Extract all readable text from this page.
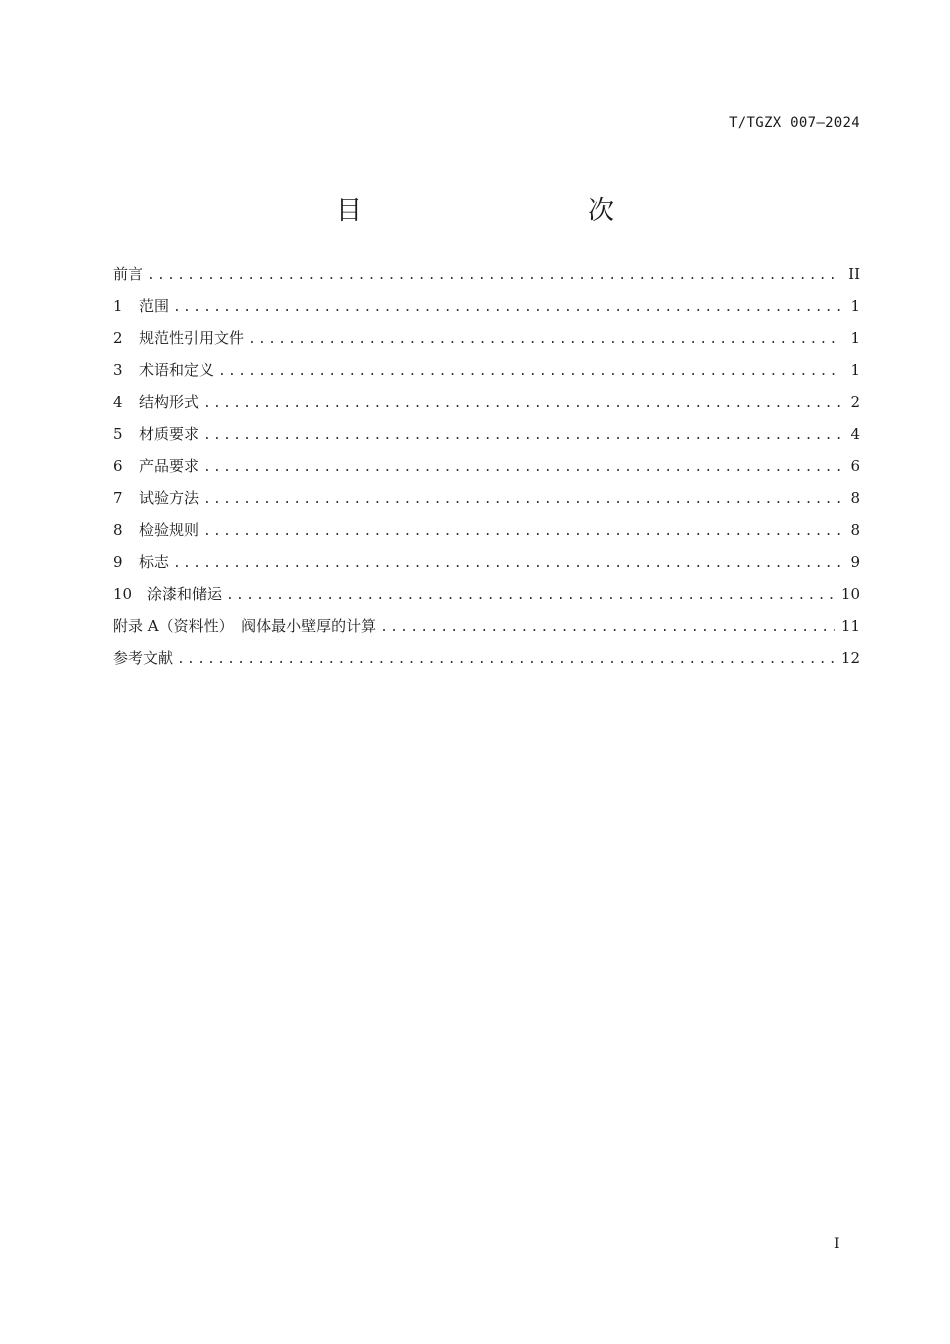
T/TGZX 007—2024
目　　次
前言 .....	II
1	范围 .....	1
2	规范性引用文件 .....	1
3	术语和定义 .....	1
4	结构形式 .....	2
5	材质要求 .....	4
6	产品要求 .....	6
7	试验方法 .....	8
8	检验规则 .....	8
9	标志 .....	9
10 涂漆和储运 .....	10
附录 A（资料性）　阀体最小壁厚的计算 .....	11
参考文献 .....	12
I
